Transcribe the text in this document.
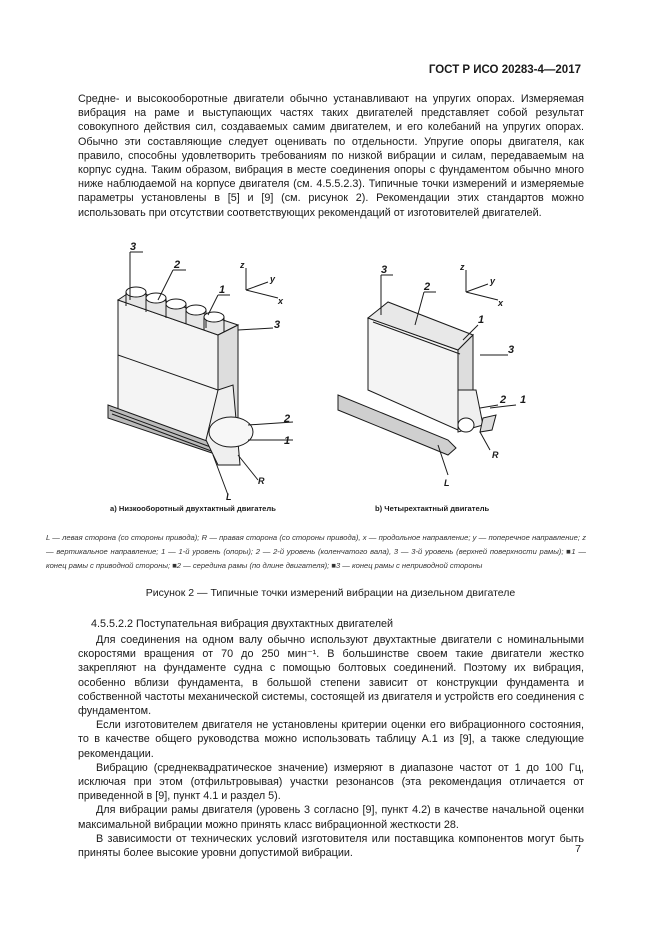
ГОСТ Р ИСО 20283-4—2017

Средне- и высокооборотные двигатели обычно устанавливают на упругих опорах. Измеряемая вибрация на раме и выступающих частях таких двигателей представляет собой результат совокупного действия сил, создаваемых самим двигателем, и его колебаний на упругих опорах. Обычно эти составляющие следует оценивать по отдельности. Упругие опоры двигателя, как правило, способны удовлетворить требованиям по низкой вибрации и силам, передаваемым на корпус судна. Таким образом, вибрация в месте соединения опоры с фундаментом обычно много ниже наблюдаемой на корпусе двигателя (см. 4.5.5.2.3). Типичные точки измерений и измеряемые параметры установлены в [5] и [9] (см. рисунок 2). Рекомендации этих стандартов можно использовать при отсутствии соответствующих рекомендаций от изготовителей двигателей.

3
2
1
3
2
1
R
L
z
y
x
3
2
1
3
2 1
R
L
z
y
x
а) Низкооборотный двухтактный двигатель	b) Четырехтактный двигатель
L — левая сторона (со стороны привода); R — правая сторона (со стороны привода), x — продольное направление; y — поперечное направление; z — вертикальное направление; 1 — 1-й уровень (опоры); 2 — 2-й уровень (коленчатого вала), 3 — 3-й уровень (верхней поверхности рамы); ■1 — конец рамы с приводной стороны; ■2 — середина рамы (по длине двигателя); ■3 — конец рамы с неприводной стороны
Рисунок 2 — Типичные точки измерений вибрации на дизельном двигателе
4.5.5.2.2 Поступательная вибрация двухтактных двигателей

Для соединения на одном валу обычно используют двухтактные двигатели с номинальными скоростями вращения от 70 до 250 мин⁻¹. В большинстве своем такие двигатели жестко закрепляют на фундаменте судна с помощью болтовых соединений. Поэтому их вибрация, особенно вблизи фундамента, в большой степени зависит от конструкции фундамента и собственной частоты механической системы, состоящей из двигателя и устройств его соединения с фундаментом.

Если изготовителем двигателя не установлены критерии оценки его вибрационного состояния, то в качестве общего руководства можно использовать таблицу А.1 из [9], а также следующие рекомендации.

Вибрацию (среднеквадратическое значение) измеряют в диапазоне частот от 1 до 100 Гц, исключая при этом (отфильтровывая) участки резонансов (эта рекомендация отличается от приведенной в [9], пункт 4.1 и раздел 5).

Для вибрации рамы двигателя (уровень 3 согласно [9], пункт 4.2) в качестве начальной оценки максимальной вибрации можно принять класс вибрационной жесткости 28.

В зависимости от технических условий изготовителя или поставщика компонентов могут быть приняты более высокие уровни допустимой вибрации.	7
